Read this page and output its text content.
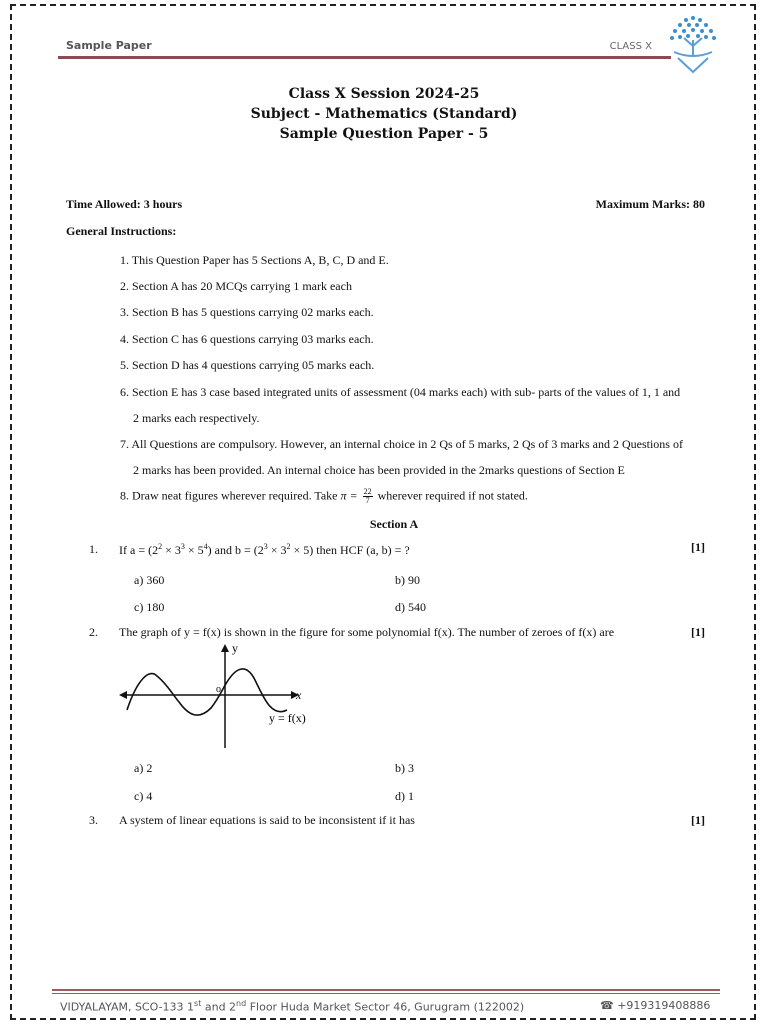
Sample Paper	CLASS X
Class X Session 2024-25
Subject - Mathematics (Standard)
Sample Question Paper - 5
Time Allowed: 3 hours	Maximum Marks: 80
General Instructions:
1. This Question Paper has 5 Sections A, B, C, D and E.
2. Section A has 20 MCQs carrying 1 mark each
3. Section B has 5 questions carrying 02 marks each.
4. Section C has 6 questions carrying 03 marks each.
5. Section D has 4 questions carrying 05 marks each.
6. Section E has 3 case based integrated units of assessment (04 marks each) with sub- parts of the values of 1, 1 and
2 marks each respectively.
7. All Questions are compulsory. However, an internal choice in 2 Qs of 5 marks, 2 Qs of 3 marks and 2 Questions of
2 marks has been provided. An internal choice has been provided in the 2marks questions of Section E
8. Draw neat figures wherever required. Take $\pi = \frac{22}{7}$ wherever required if not stated.
Section A
1. If $a = (2^2 \times 3^3 \times 5^4)$ and $b = (2^3 \times 3^2 \times 5)$ then HCF (a, b) = ?	[1]
a) 360	b) 90
c) 180	d) 540
2. The graph of y = f(x) is shown in the figure for some polynomial f(x). The number of zeroes of f(x) are	[1]
y
x
o
y = f(x)
a) 2	b) 3
c) 4	d) 1
3. A system of linear equations is said to be inconsistent if it has	[1]
VIDYALAYAM, SCO-133 1st and 2nd Floor Huda Market Sector 46, Gurugram (122002)	☎ +919319408886
